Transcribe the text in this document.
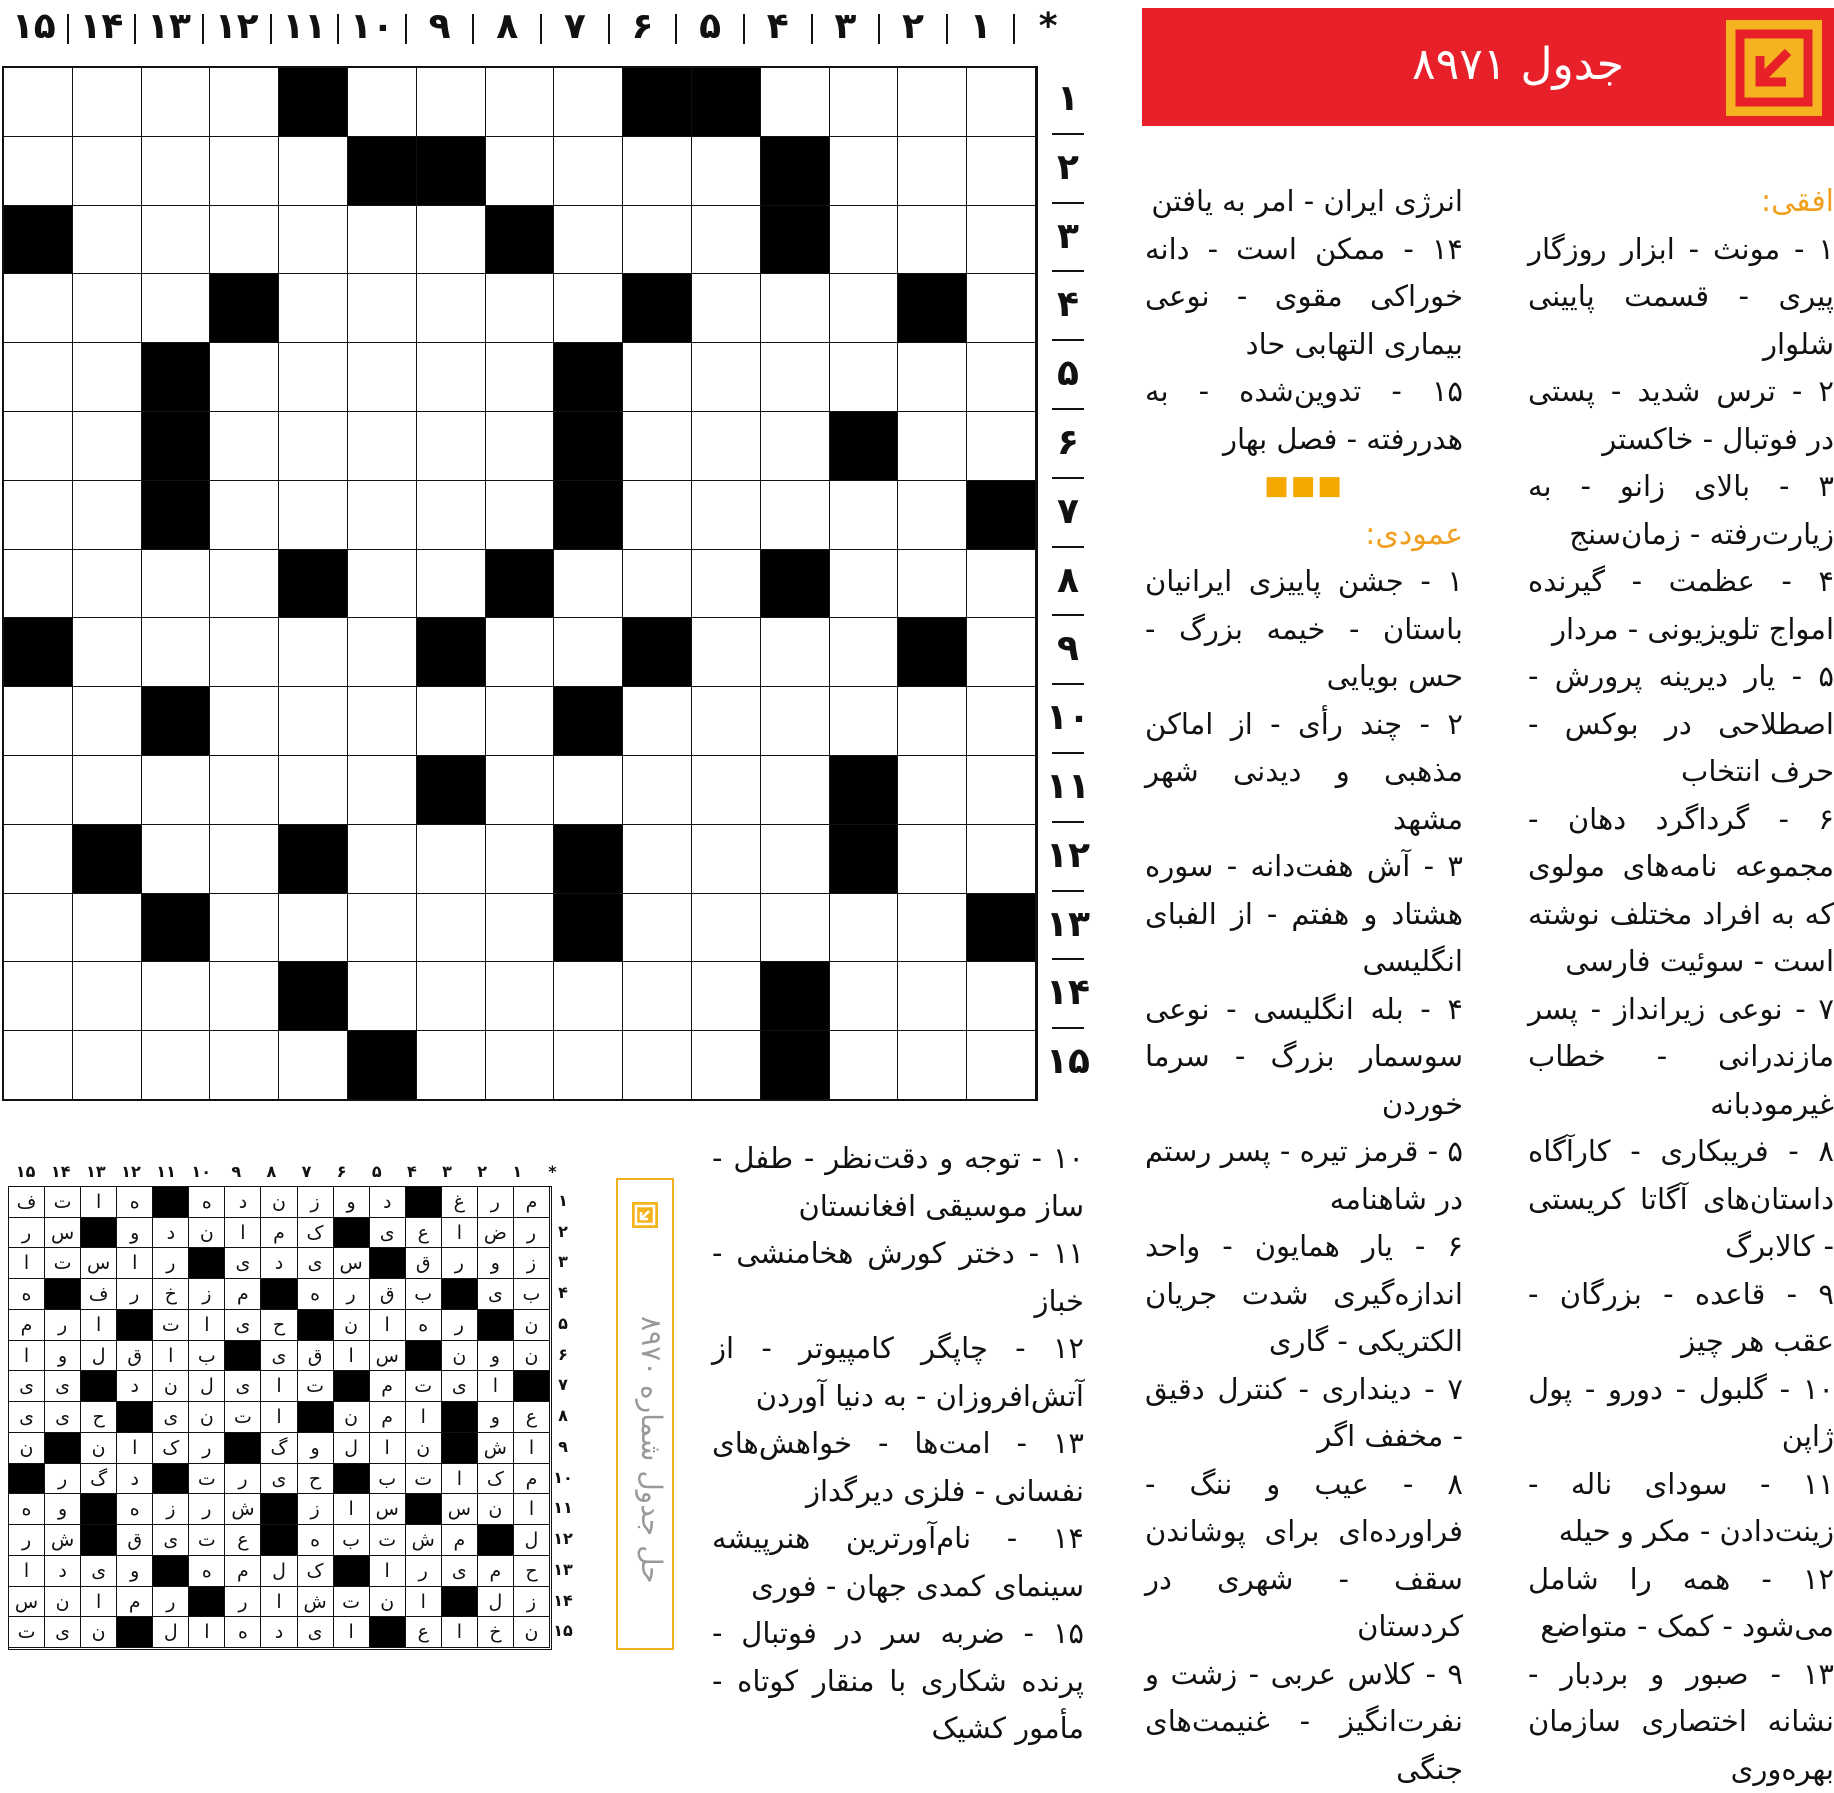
*
۱
۲
۳
۴
۵
۶
۷
۸
۹
۱۰
۱۱
۱۲
۱۳
۱۴
۱۵
۱
۲
۳
۴
۵
۶
۷
۸
۹
۱۰
۱۱
۱۲
۱۳
۱۴
۱۵
جدول ۸۹۷۱

افقی:

۱ - مونث - ابزار روزگار پیری - قسمت پایینی شلوار

۲ - ترس شدید - پستی در فوتبال - خاکستر

۳ - بالای زانو - به زیارت‌رفته - زمان‌سنج

۴ - عظمت - گیرنده امواج تلویزیونی - مردار

۵ - یار دیرینه پرورش - اصطلاحی در بوکس - حرف انتخاب

۶ - گرداگرد دهان - مجموعه نامه‌های مولوی که به افراد مختلف نوشته است - سوئیت فارسی

۷ - نوعی زیرانداز - پسر مازندرانی - خطاب غیرمودبانه

۸ - فریبکاری - کارآگاه داستان‌های آگاتا کریستی - کالابرگ

۹ - قاعده - بزرگان - عقب هر چیز

۱۰ - گلبول - دورو - پول ژاپن

۱۱ - سودای ناله - زینت‌دادن - مکر و حیله

۱۲ - همه را شامل می‌شود - کمک - متواضع

۱۳ - صبور و بردبار - نشانه اختصاری سازمان بهره‌وری

انرژی ایران - امر به یافتن

۱۴ - ممکن است - دانه خوراکی مقوی - نوعی بیماری التهابی حاد

۱۵ - تدوین‌شده - به هدررفته - فصل بهار

■■■

عمودی:

۱ - جشن پاییزی ایرانیان باستان - خیمه بزرگ - حس بویایی

۲ - چند رأی - از اماکن مذهبی و دیدنی شهر مشهد

۳ - آش هفت‌دانه - سوره هشتاد و هفتم - از الفبای انگلیسی

۴ - بله انگلیسی - نوعی سوسمار بزرگ - سرما خوردن

۵ - قرمز تیره - پسر رستم در شاهنامه

۶ - یار همایون - واحد اندازه‌گیری شدت جریان الکتریکی - گاری

۷ - دینداری - کنترل دقیق - مخفف اگر

۸ - عیب و ننگ - فراورده‌ای برای پوشاندن سقف - شهری در کردستان

۹ - کلاس عربی - زشت و نفرت‌انگیز - غنیمت‌های جنگی

۱۰ - توجه و دقت‌نظر - طفل - ساز موسیقی افغانستان

۱۱ - دختر کورش هخامنشی - خباز

۱۲ - چاپگر کامپیوتر - از آتش‌افروزان - به دنیا آوردن

۱۳ - امت‌ها - خواهش‌های نفسانی - فلزی دیرگداز

۱۴ - نام‌آورترین هنرپیشه سینمای کمدی جهان - فوری

۱۵ - ضربه سر در فوتبال - پرنده شکاری با منقار کوتاه - مأمور کشیک

*
۱
۲
۳
۴
۵
۶
۷
۸
۹
۱۰
۱۱
۱۲
۱۳
۱۴
۱۵
م
ر
غ
د
و
ز
ن
د
ه
ه
ا
ت
ف
ر
ض
ا
ع
ی
ک
م
ا
ن
د
و
س
ر
ز
و
ر
ق
س
ی
د
ی
ر
ا
س
ت
ا
ب
ی
ب
ق
ر
ه
م
ز
خ
ر
ف
ه
ن
ر
ه
ا
ن
ح
ی
ا
ت
ا
ر
م
ن
و
ن
س
ا
ق
ی
ب
ا
ق
ل
و
ا
ا
ی
ت
م
ت
ا
ی
ل
ن
د
ی
ی
ع
و
ا
م
ن
ا
ت
ن
ی
ح
ی
ی
ا
ش
ن
ا
ل
و
گ
ر
ک
ا
ن
ن
م
ک
ا
ت
ب
ح
ی
ر
ت
د
گ
ر
ا
ن
س
س
ا
ز
ش
ر
ز
ه
و
ه
ل
م
ش
ت
ب
ه
ع
ت
ی
ق
ش
ر
ح
م
ی
ر
ا
ک
ل
م
ه
و
ی
د
ا
ز
ل
ا
ن
ت
ش
ا
ر
ر
م
ا
ن
س
ن
خ
ا
ع
ا
ی
د
ه
ا
ل
ن
ی
ت
۱
۲
۳
۴
۵
۶
۷
۸
۹
۱۰
۱۱
۱۲
۱۳
۱۴
۱۵
حل جدول شماره ۸۹۷۰
